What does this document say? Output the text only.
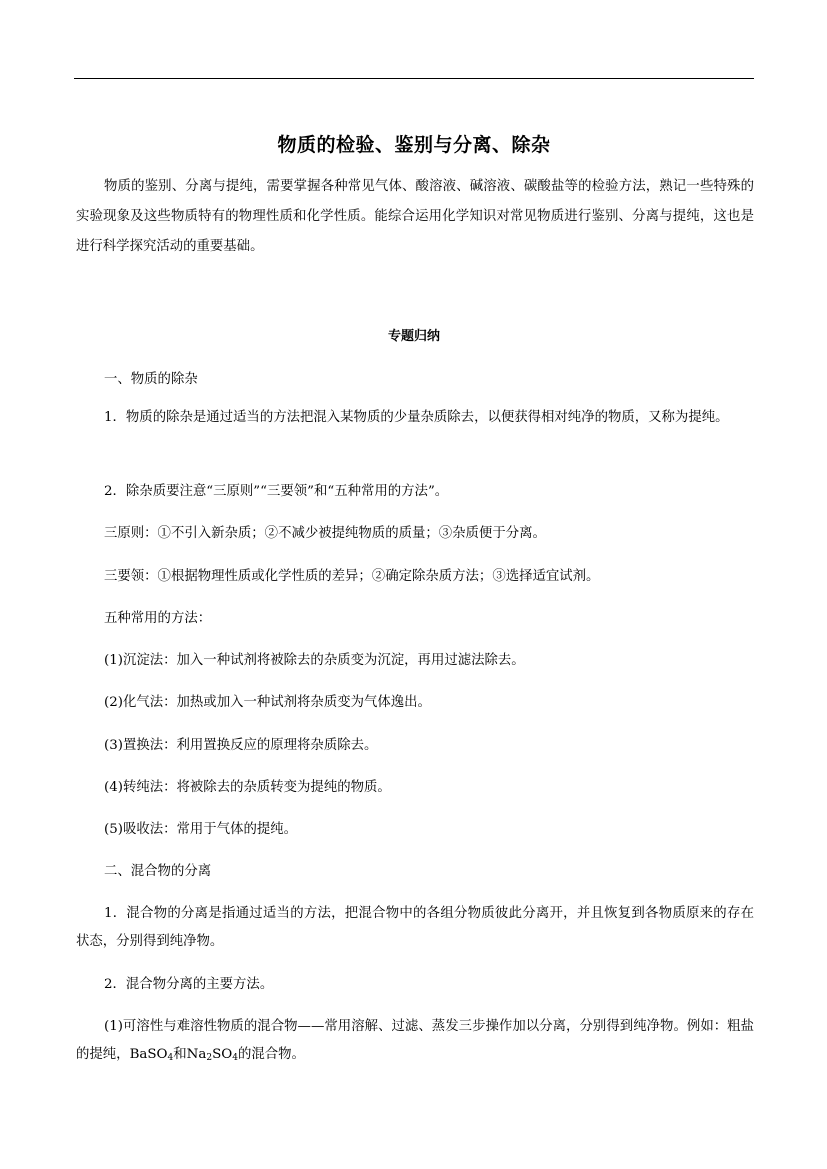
物质的检验、鉴别与分离、除杂

物质的鉴别、分离与提纯，需要掌握各种常见气体、酸溶液、碱溶液、碳酸盐等的检验方法，熟记一些特殊的实验现象及这些物质特有的物理性质和化学性质。能综合运用化学知识对常见物质进行鉴别、分离与提纯，这也是进行科学探究活动的重要基础。

专题归纳
一、物质的除杂

1．物质的除杂是通过适当的方法把混入某物质的少量杂质除去，以便获得相对纯净的物质，又称为提纯。

2．除杂质要注意“三原则”“三要领”和“五种常用的方法”。
三原则：①不引入新杂质；②不减少被提纯物质的质量；③杂质便于分离。
三要领：①根据物理性质或化学性质的差异；②确定除杂质方法；③选择适宜试剂。
五种常用的方法：
(1)沉淀法：加入一种试剂将被除去的杂质变为沉淀，再用过滤法除去。
(2)化气法：加热或加入一种试剂将杂质变为气体逸出。
(3)置换法：利用置换反应的原理将杂质除去。
(4)转纯法：将被除去的杂质转变为提纯的物质。
(5)吸收法：常用于气体的提纯。
二、混合物的分离

1．混合物的分离是指通过适当的方法，把混合物中的各组分物质彼此分离开，并且恢复到各物质原来的存在状态，分别得到纯净物。

2．混合物分离的主要方法。

(1)可溶性与难溶性物质的混合物——常用溶解、过滤、蒸发三步操作加以分离，分别得到纯净物。例如：粗盐的提纯，BaSO$_4$和$Na_2SO_4$的混合物。
